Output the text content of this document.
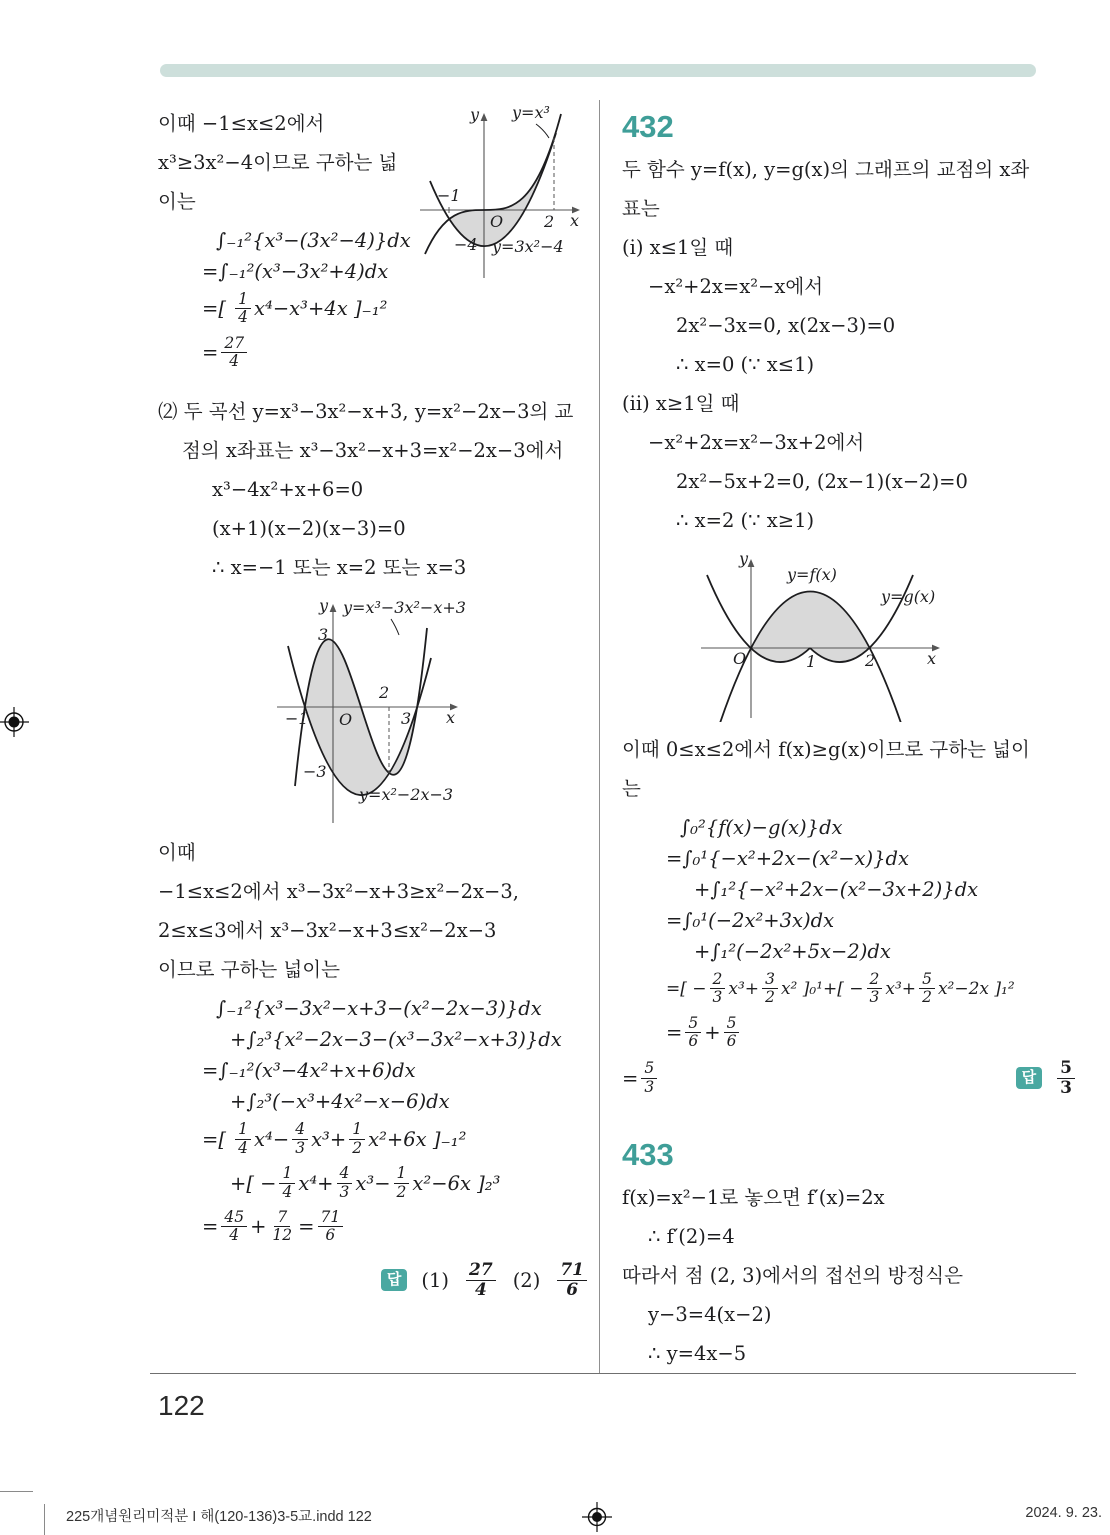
y
x
y=x³
−1
O	2
−4 y=3x²−4
이때 −1≤x≤2에서
x³≥3x²−4이므로 구하는 넓
이는
∫₋₁²{x³−(3x²−4)}dx
=∫₋₁²(x³−3x²+4)dx
=[ $\frac{1}{4} x^4-x^3+4x$ ]₋₁²
= $\frac{27}{4}$
⑵ 두 곡선 y=x³−3x²−x+3, y=x²−2x−3의 교
점의 x좌표는 x³−3x²−x+3=x²−2x−3에서
x³−4x²+x+6=0
(x+1)(x−2)(x−3)=0
∴ x=−1 또는 x=2 또는 x=3
y
x
y=x³−3x²−x+3
3
−1 O
2
3
−3
y=x²−2x−3
이때
−1≤x≤2에서 x³−3x²−x+3≥x²−2x−3,
2≤x≤3에서 x³−3x²−x+3≤x²−2x−3
이므로 구하는 넓이는
∫₋₁²{x³−3x²−x+3−(x²−2x−3)}dx
+∫₂³{x²−2x−3−(x³−3x²−x+3)}dx
=∫₋₁²(x³−4x²+x+6)dx
+∫₂³(−x³+4x²−x−6)dx
=[ $\frac{1}{4} x^4- \frac{4}{3} x^3+ \frac{1}{2} x^2+6x$ ]₋₁²
+[ − $\frac{1}{4} x^4+ \frac{4}{3} x^3- \frac{1}{2} x^2-6x$ ]₂³
= $\frac{45}{4} + \frac{7}{12} = \frac{71}{6}$
답	$(1) \frac{27}{4} (2) \frac{71}{6}$
432
두 함수 y=f(x), y=g(x)의 그래프의 교점의 x좌
표는
(i) x≤1일 때
−x²+2x=x²−x에서
2x²−3x=0, x(2x−3)=0
∴ x=0 (∵ x≤1)
(ii) x≥1일 때
−x²+2x=x²−3x+2에서
2x²−5x+2=0, (2x−1)(x−2)=0
∴ x=2 (∵ x≥1)
y
x
y=f(x)
y=g(x)
O	1	2
이때 0≤x≤2에서 f(x)≥g(x)이므로 구하는 넓이
는
∫₀²{f(x)−g(x)}dx
=∫₀¹{−x²+2x−(x²−x)}dx
+∫₁²{−x²+2x−(x²−3x+2)}dx
=∫₀¹(−2x²+3x)dx
+∫₁²(−2x²+5x−2)dx
=[ − $\frac{2}{3} x^3+ \frac{3}{2} x^2$ ]$_0^1+[ - \frac{2}{3} x^3+ \frac{5}{2} x^2-2x$ ]₁²
= $\frac{5}{6} + \frac{5}{6}$
= $\frac{5}{3}$	답	$\frac{5}{3}$
433
f(x)=x²−1로 놓으면 f′(x)=2x
∴ f′(2)=4
따라서 점 (2, 3)에서의 접선의 방정식은
y−3=4(x−2)
∴ y=4x−5
122
225개념원리미적분 I 해(120-136)3-5교.indd 122	2024. 9. 23.
